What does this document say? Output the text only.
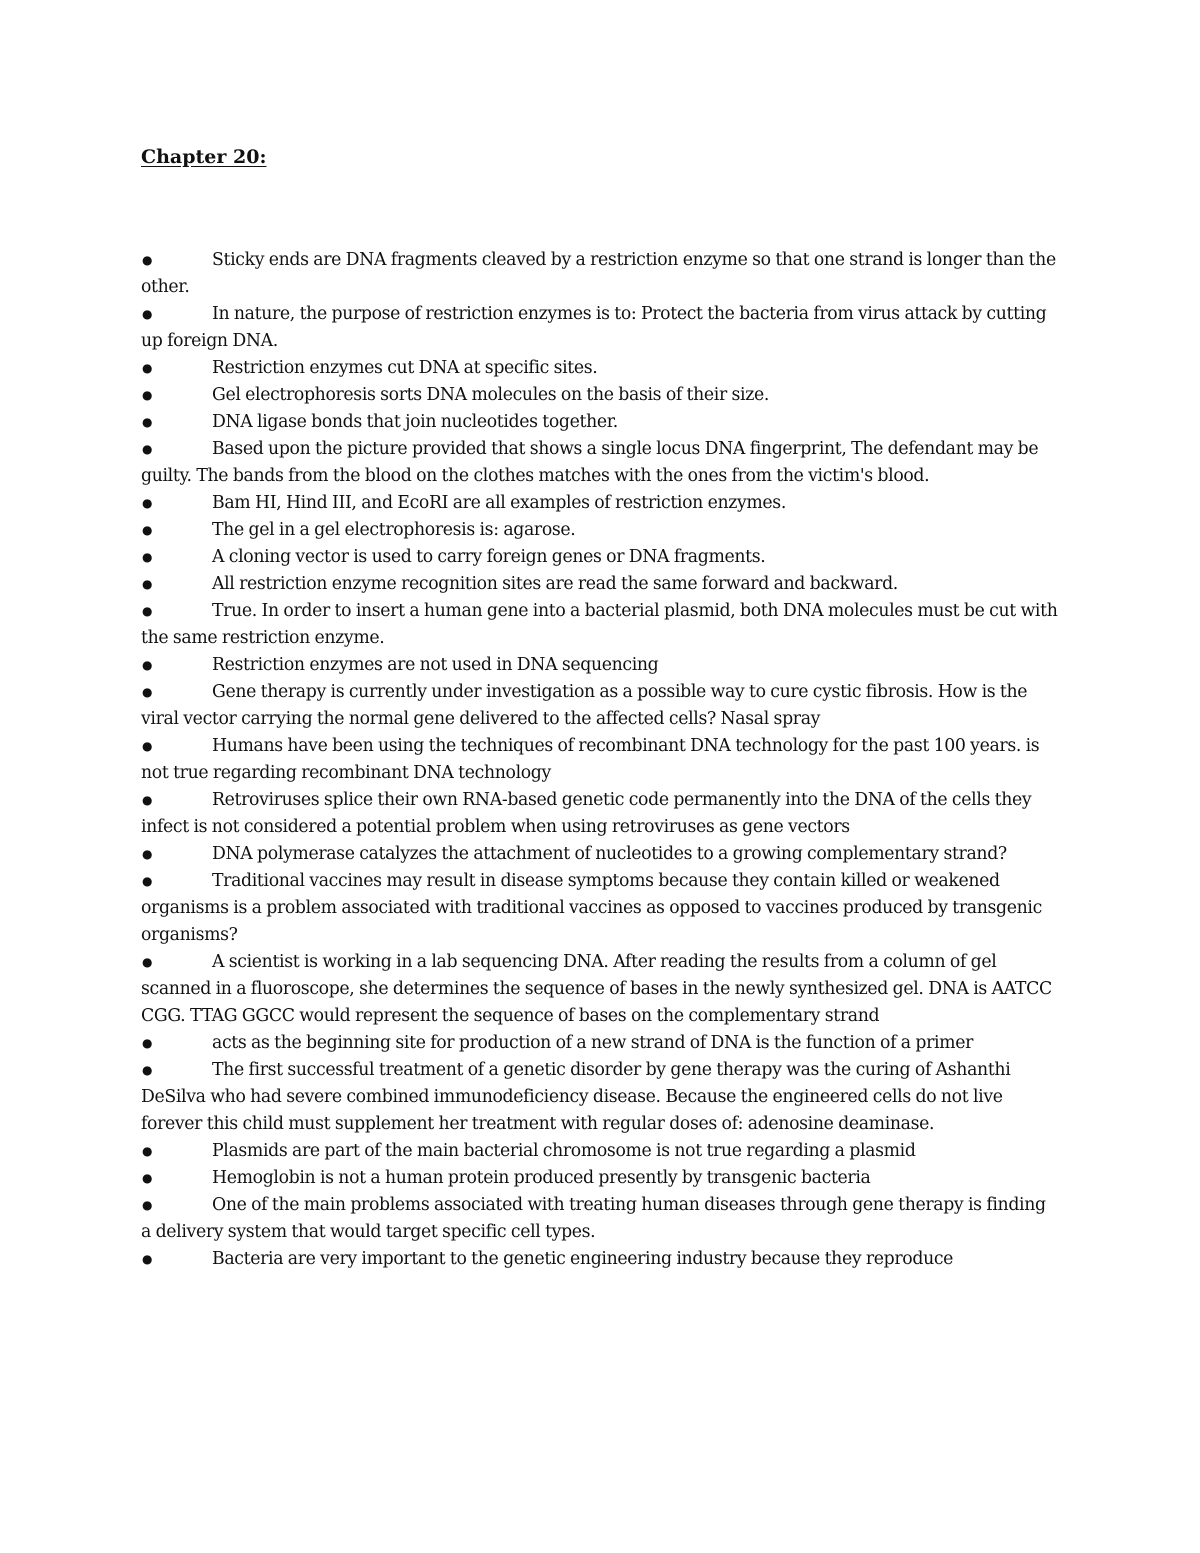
Chapter 20:
●	Sticky ends are DNA fragments cleaved by a restriction enzyme so that one strand is longer than the other.
●	In nature, the purpose of restriction enzymes is to: Protect the bacteria from virus attack by cutting up foreign DNA.
●	Restriction enzymes cut DNA at specific sites.
●	Gel electrophoresis sorts DNA molecules on the basis of their size.
●	DNA ligase bonds that join nucleotides together.
●	Based upon the picture provided that shows a single locus DNA fingerprint, The defendant may be guilty. The bands from the blood on the clothes matches with the ones from the victim's blood.
●	Bam HI, Hind III, and EcoRI are all examples of restriction enzymes.
●	The gel in a gel electrophoresis is: agarose.
●	A cloning vector is used to carry foreign genes or DNA fragments.
●	All restriction enzyme recognition sites are read the same forward and backward.
●	True. In order to insert a human gene into a bacterial plasmid, both DNA molecules must be cut with the same restriction enzyme.
●	Restriction enzymes are not used in DNA sequencing
●	Gene therapy is currently under investigation as a possible way to cure cystic fibrosis. How is the viral vector carrying the normal gene delivered to the affected cells? Nasal spray
●	Humans have been using the techniques of recombinant DNA technology for the past 100 years. is not true regarding recombinant DNA technology
●	Retroviruses splice their own RNA-based genetic code permanently into the DNA of the cells they infect is not considered a potential problem when using retroviruses as gene vectors
●	DNA polymerase catalyzes the attachment of nucleotides to a growing complementary strand?
●	Traditional vaccines may result in disease symptoms because they contain killed or weakened organisms is a problem associated with traditional vaccines as opposed to vaccines produced by transgenic organisms?
●	A scientist is working in a lab sequencing DNA. After reading the results from a column of gel scanned in a fluoroscope, she determines the sequence of bases in the newly synthesized gel. DNA is AATCC CGG. TTAG GGCC would represent the sequence of bases on the complementary strand
●	acts as the beginning site for production of a new strand of DNA is the function of a primer
●	The first successful treatment of a genetic disorder by gene therapy was the curing of Ashanthi DeSilva who had severe combined immunodeficiency disease. Because the engineered cells do not live forever this child must supplement her treatment with regular doses of: adenosine deaminase.
●	Plasmids are part of the main bacterial chromosome is not true regarding a plasmid
●	Hemoglobin is not a human protein produced presently by transgenic bacteria
●	One of the main problems associated with treating human diseases through gene therapy is finding a delivery system that would target specific cell types.
●	Bacteria are very important to the genetic engineering industry because they reproduce
